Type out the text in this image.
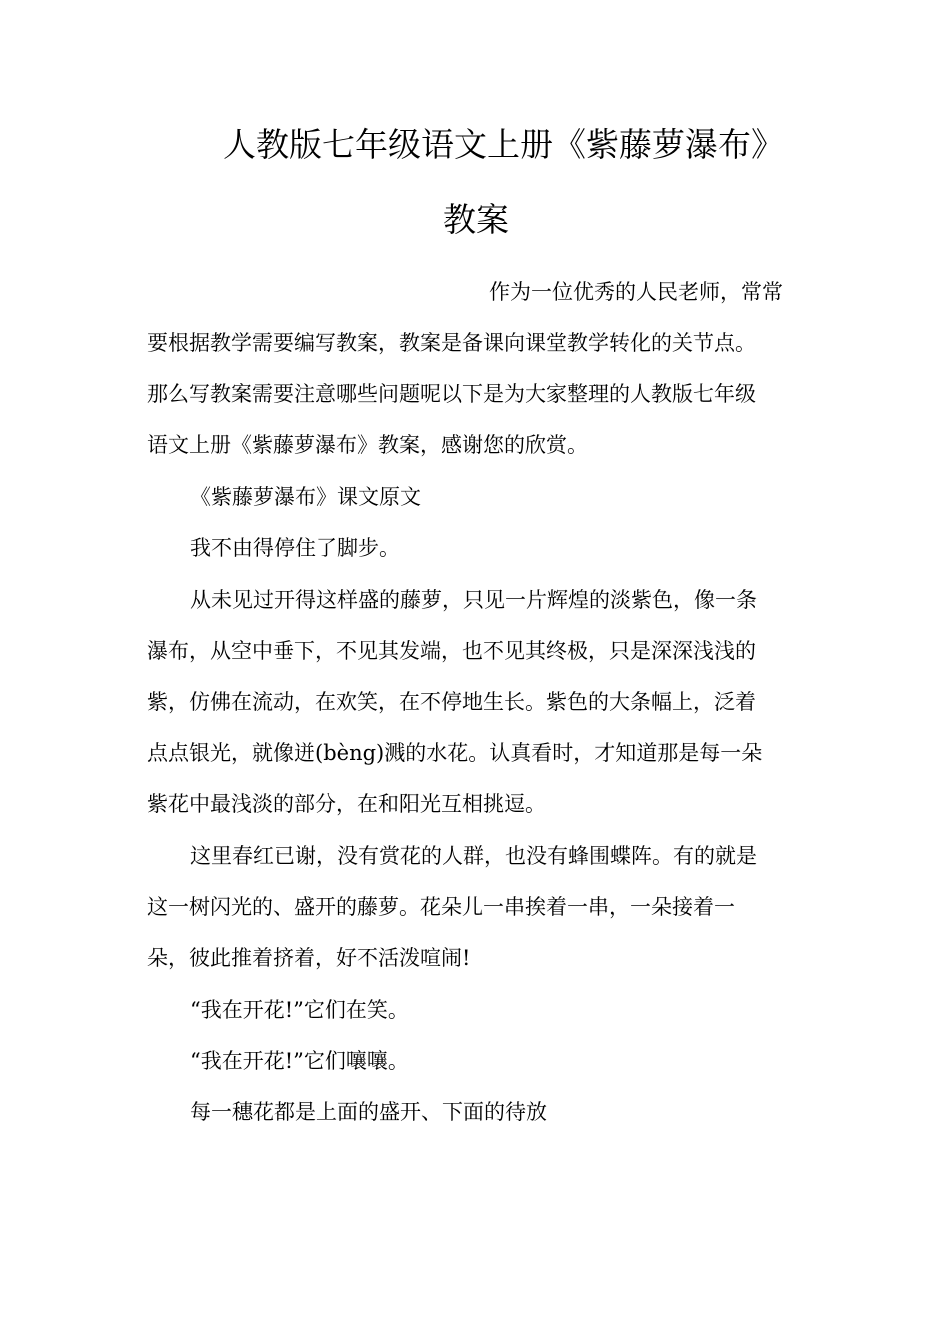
人教版七年级语文上册《紫藤萝瀑布》
教案
作为一位优秀的人民老师，常常
要根据教学需要编写教案，教案是备课向课堂教学转化的关节点。
那么写教案需要注意哪些问题呢以下是为大家整理的人教版七年级
语文上册《紫藤萝瀑布》教案，感谢您的欣赏。
《紫藤萝瀑布》课文原文
我不由得停住了脚步。
从未见过开得这样盛的藤萝，只见一片辉煌的淡紫色，像一条
瀑布，从空中垂下，不见其发端，也不见其终极，只是深深浅浅的
紫，仿佛在流动，在欢笑，在不停地生长。紫色的大条幅上，泛着
点点银光，就像迸(bèng)溅的水花。认真看时，才知道那是每一朵
紫花中最浅淡的部分，在和阳光互相挑逗。
这里春红已谢，没有赏花的人群，也没有蜂围蝶阵。有的就是
这一树闪光的、盛开的藤萝。花朵儿一串挨着一串，一朵接着一
朵，彼此推着挤着，好不活泼喧闹!
“我在开花!”它们在笑。
“我在开花!”它们嚷嚷。
每一穗花都是上面的盛开、下面的待放
